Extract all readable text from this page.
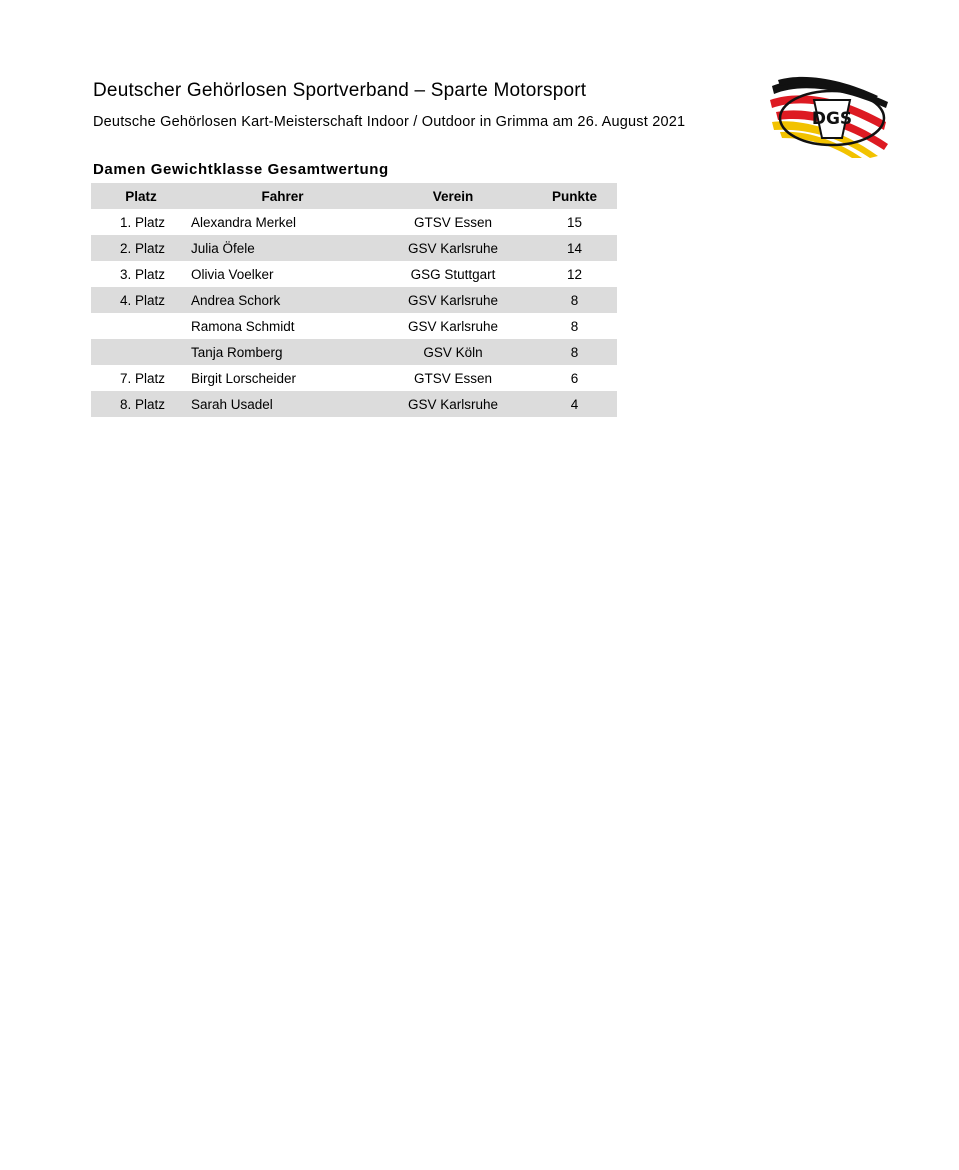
Deutscher Gehörlosen Sportverband – Sparte Motorsport
Deutsche Gehörlosen Kart-Meisterschaft Indoor / Outdoor in Grimma am 26. August 2021	DGS
Damen Gewichtklasse Gesamtwertung
Platz	Fahrer	Verein	Punkte
1. Platz	Alexandra Merkel	GTSV Essen	15
2. Platz	Julia Öfele	GSV Karlsruhe	14
3. Platz	Olivia Voelker	GSG Stuttgart	12
4. Platz	Andrea Schork	GSV Karlsruhe	8
	Ramona Schmidt	GSV Karlsruhe	8
	Tanja Romberg	GSV Köln	8
7. Platz	Birgit Lorscheider	GTSV Essen	6
8. Platz	Sarah Usadel	GSV Karlsruhe	4
